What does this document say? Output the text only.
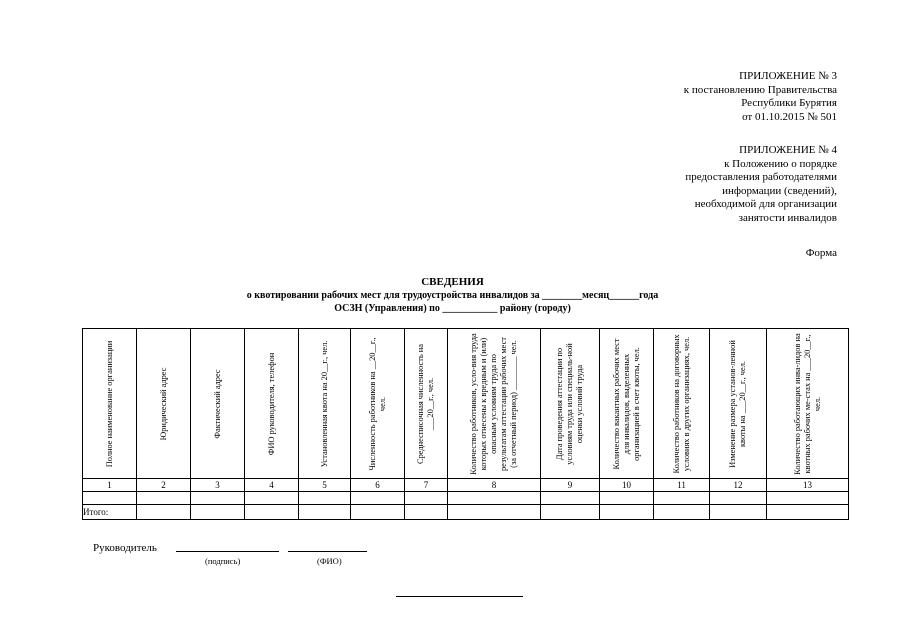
ПРИЛОЖЕНИЕ № 3
к постановлению Правительства
Республики Бурятия
от 01.10.2015 № 501
ПРИЛОЖЕНИЕ № 4
к Положению о порядке
предоставления работодателями
информации (сведений),
необходимой для организации
занятости инвалидов
Форма
СВЕДЕНИЯ
о квотировании рабочих мест для трудоустройства инвалидов за ________месяц______года
ОСЗН (Управления) по ___________ району (городу)
Полное наименование организации	Юридический адрес	Фактический адрес	ФИО руководителя, телефон	Установленная квота на 20__г., чел.	Численность работников на __20__г., чел.	Среднесписочная численность на ___20__г., чел.	Количество работников, усло-вия труда которых отнесены к вредным и (или) опасным условиям труда по результатам аттестации рабочих мест (за отчетный период) ________ чел.	Дата проведения аттестации по условиям труда или специаль-ной оценки условий труда	Количество вакантных рабочих мест для инвалидов, выделенных организацией в счет квоты, чел.	Количество работников на договорных условиях в других организациях, чел.	Изменение размера установ-ленной квоты на ___20__г., чел.	Количество работающих инва-лидов на квотных рабочих ме-стах на ___20__г., чел.

1	2	3	4	5	6	7	8	9	10	11	12	13

Итого:												
Руководитель
(подпись)	(ФИО)
